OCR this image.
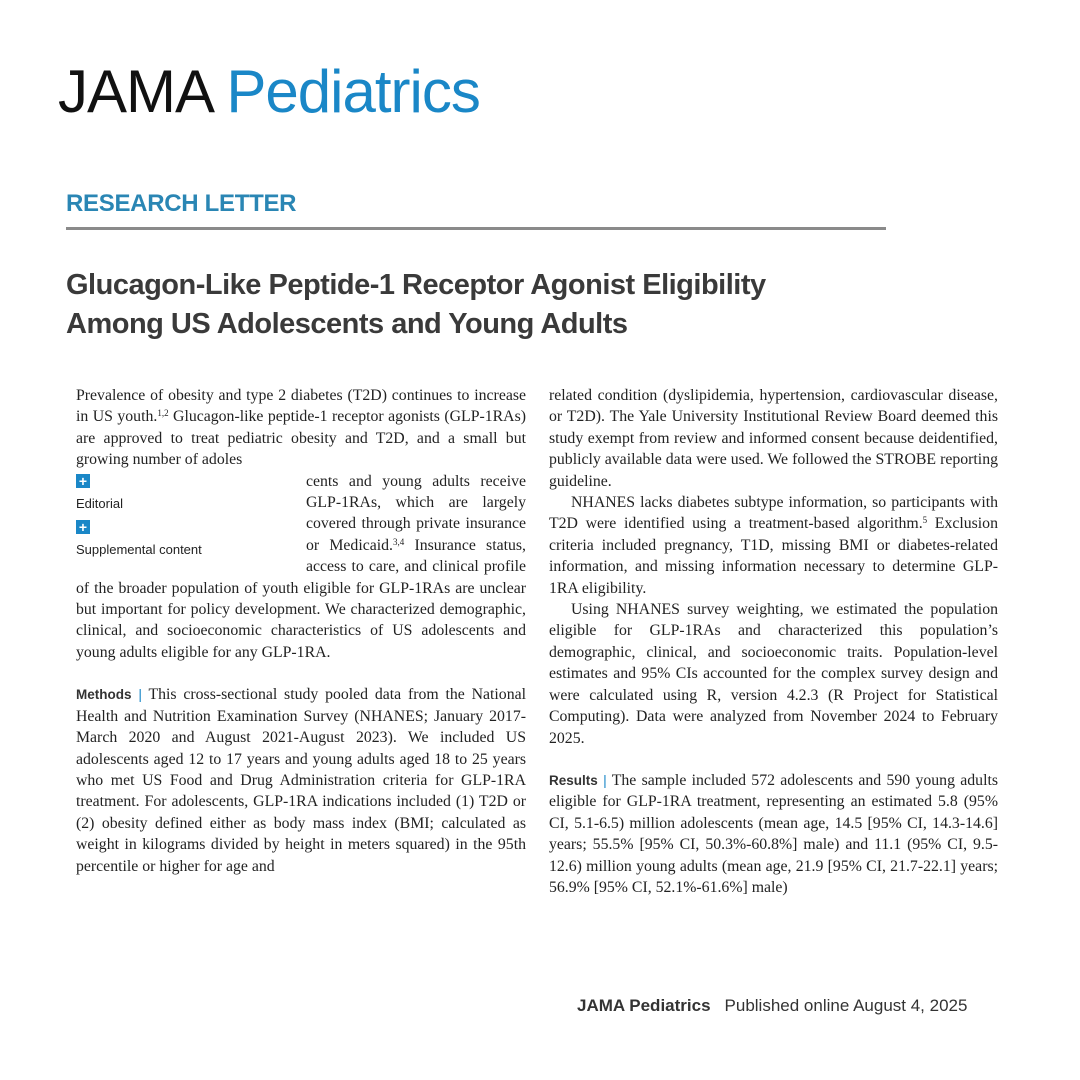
JAMA Pediatrics
RESEARCH LETTER
Glucagon-Like Peptide-1 Receptor Agonist Eligibility
Among US Adolescents and Young Adults

Prevalence of obesity and type 2 diabetes (T2D) continues to increase in US youth.$^{1,2}$ Glucagon-like peptide-1 receptor agonists (GLP-1RAs) are approved to treat pediatric obesity and T2D, and a small but growing number of adoles

+
Editorial
+
Supplemental content
cents and young adults receive GLP-1RAs, which are largely covered through private insurance or Medicaid.$^{3,4}$ Insurance status, access to care, and clinical profile of the broader population of youth eligible for GLP-1RAs are unclear but important for policy development. We characterized demographic, clinical, and socioeconomic characteristics of US adolescents and young adults eligible for any GLP-1RA.

Methods | This cross-sectional study pooled data from the National Health and Nutrition Examination Survey (NHANES; January 2017-March 2020 and August 2021-August 2023). We included US adolescents aged 12 to 17 years and young adults aged 18 to 25 years who met US Food and Drug Administration criteria for GLP-1RA treatment. For adolescents, GLP-1RA indications included (1) T2D or (2) obesity defined either as body mass index (BMI; calculated as weight in kilograms divided by height in meters squared) in the 95th percentile or higher for age and

related condition (dyslipidemia, hypertension, cardiovascular disease, or T2D). The Yale University Institutional Review Board deemed this study exempt from review and informed consent because deidentified, publicly available data were used. We followed the STROBE reporting guideline.

NHANES lacks diabetes subtype information, so participants with T2D were identified using a treatment-based algorithm.$^5$ Exclusion criteria included pregnancy, T1D, missing BMI or diabetes-related information, and missing information necessary to determine GLP-1RA eligibility.

Using NHANES survey weighting, we estimated the population eligible for GLP-1RAs and characterized this population’s demographic, clinical, and socioeconomic traits. Population-level estimates and 95% CIs accounted for the complex survey design and were calculated using R, version 4.2.3 (R Project for Statistical Computing). Data were analyzed from November 2024 to February 2025.

Results | The sample included 572 adolescents and 590 young adults eligible for GLP-1RA treatment, representing an estimated 5.8 (95% CI, 5.1-6.5) million adolescents (mean age, 14.5 [95% CI, 14.3-14.6] years; 55.5% [95% CI, 50.3%-60.8%] male) and 11.1 (95% CI, 9.5-12.6) million young adults (mean age, 21.9 [95% CI, 21.7-22.1] years; 56.9% [95% CI, 52.1%-61.6%] male)

JAMA Pediatrics Published online August 4, 2025
